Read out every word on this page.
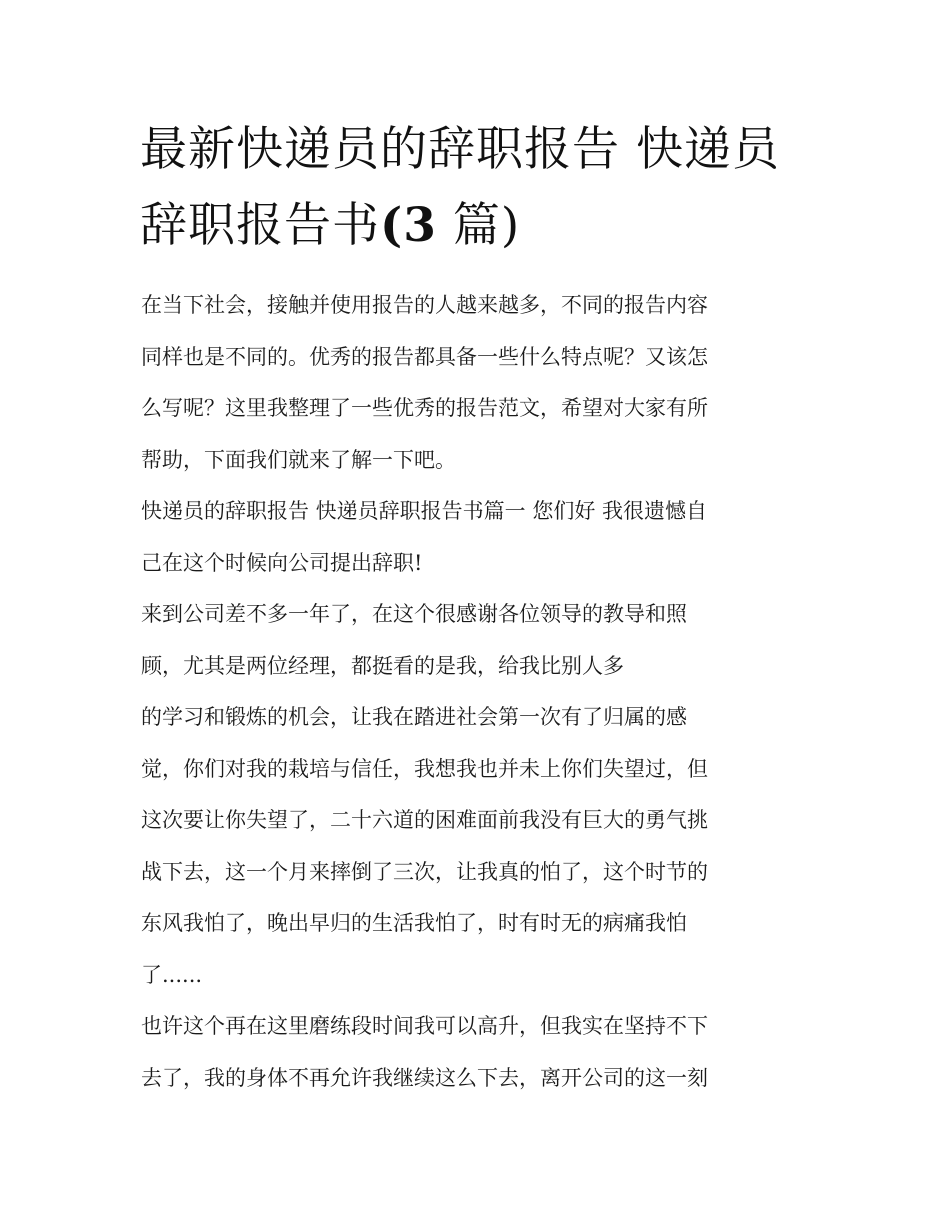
最新快递员的辞职报告 快递员
辞职报告书(3 篇)
在当下社会，接触并使用报告的人越来越多，不同的报告内容
同样也是不同的。优秀的报告都具备一些什么特点呢？又该怎
么写呢？这里我整理了一些优秀的报告范文，希望对大家有所
帮助，下面我们就来了解一下吧。
快递员的辞职报告 快递员辞职报告书篇一 您们好 我很遗憾自
己在这个时候向公司提出辞职!
来到公司差不多一年了，在这个很感谢各位领导的教导和照
顾，尤其是两位经理，都挺看的是我，给我比别人多
的学习和锻炼的机会，让我在踏进社会第一次有了归属的感
觉，你们对我的栽培与信任，我想我也并未上你们失望过，但
这次要让你失望了，二十六道的困难面前我没有巨大的勇气挑
战下去，这一个月来摔倒了三次，让我真的怕了，这个时节的
东风我怕了，晚出早归的生活我怕了，时有时无的病痛我怕
了......
也许这个再在这里磨练段时间我可以高升，但我实在坚持不下
去了，我的身体不再允许我继续这么下去，离开公司的这一刻
